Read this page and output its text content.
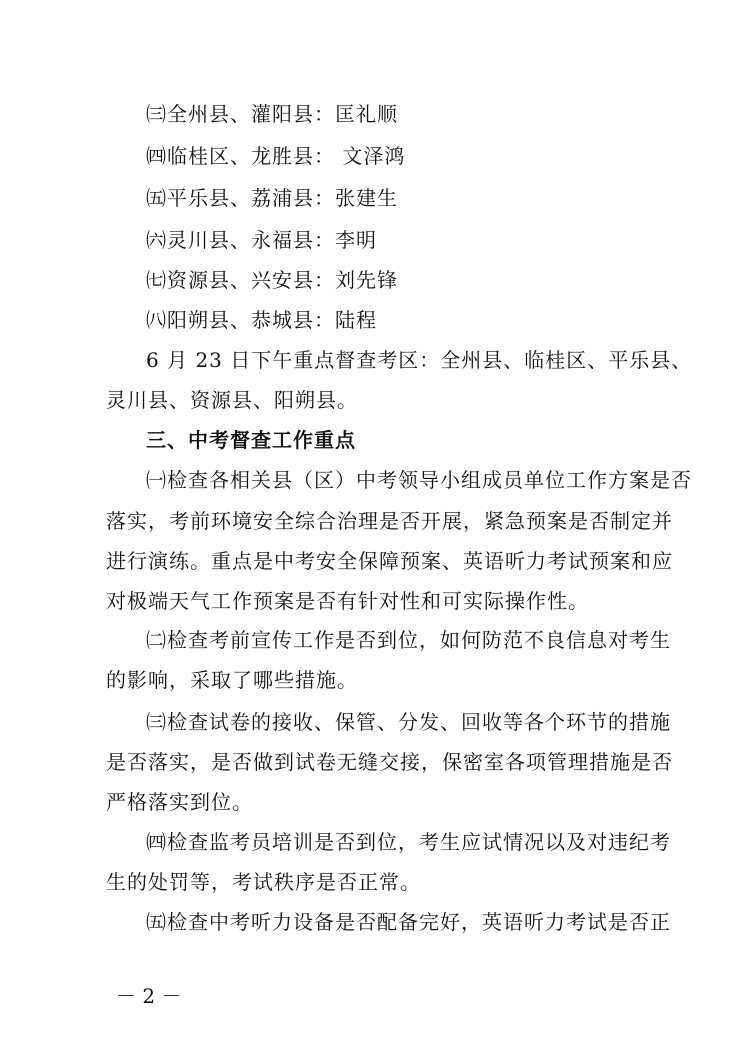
㈢全州县、灌阳县：匡礼顺
㈣临桂区、龙胜县： 文泽鸿
㈤平乐县、荔浦县：张建生
㈥灵川县、永福县：李明
㈦资源县、兴安县：刘先锋
㈧阳朔县、恭城县：陆程
6 月 23 日下午重点督查考区：全州县、临桂区、平乐县、
灵川县、资源县、阳朔县。
三、中考督查工作重点
㈠检查各相关县（区）中考领导小组成员单位工作方案是否
落实，考前环境安全综合治理是否开展，紧急预案是否制定并
进行演练。重点是中考安全保障预案、英语听力考试预案和应
对极端天气工作预案是否有针对性和可实际操作性。
㈡检查考前宣传工作是否到位，如何防范不良信息对考生
的影响，采取了哪些措施。
㈢检查试卷的接收、保管、分发、回收等各个环节的措施
是否落实，是否做到试卷无缝交接，保密室各项管理措施是否
严格落实到位。
㈣检查监考员培训是否到位，考生应试情况以及对违纪考
生的处罚等，考试秩序是否正常。
㈤检查中考听力设备是否配备完好，英语听力考试是否正
－ 2 －
